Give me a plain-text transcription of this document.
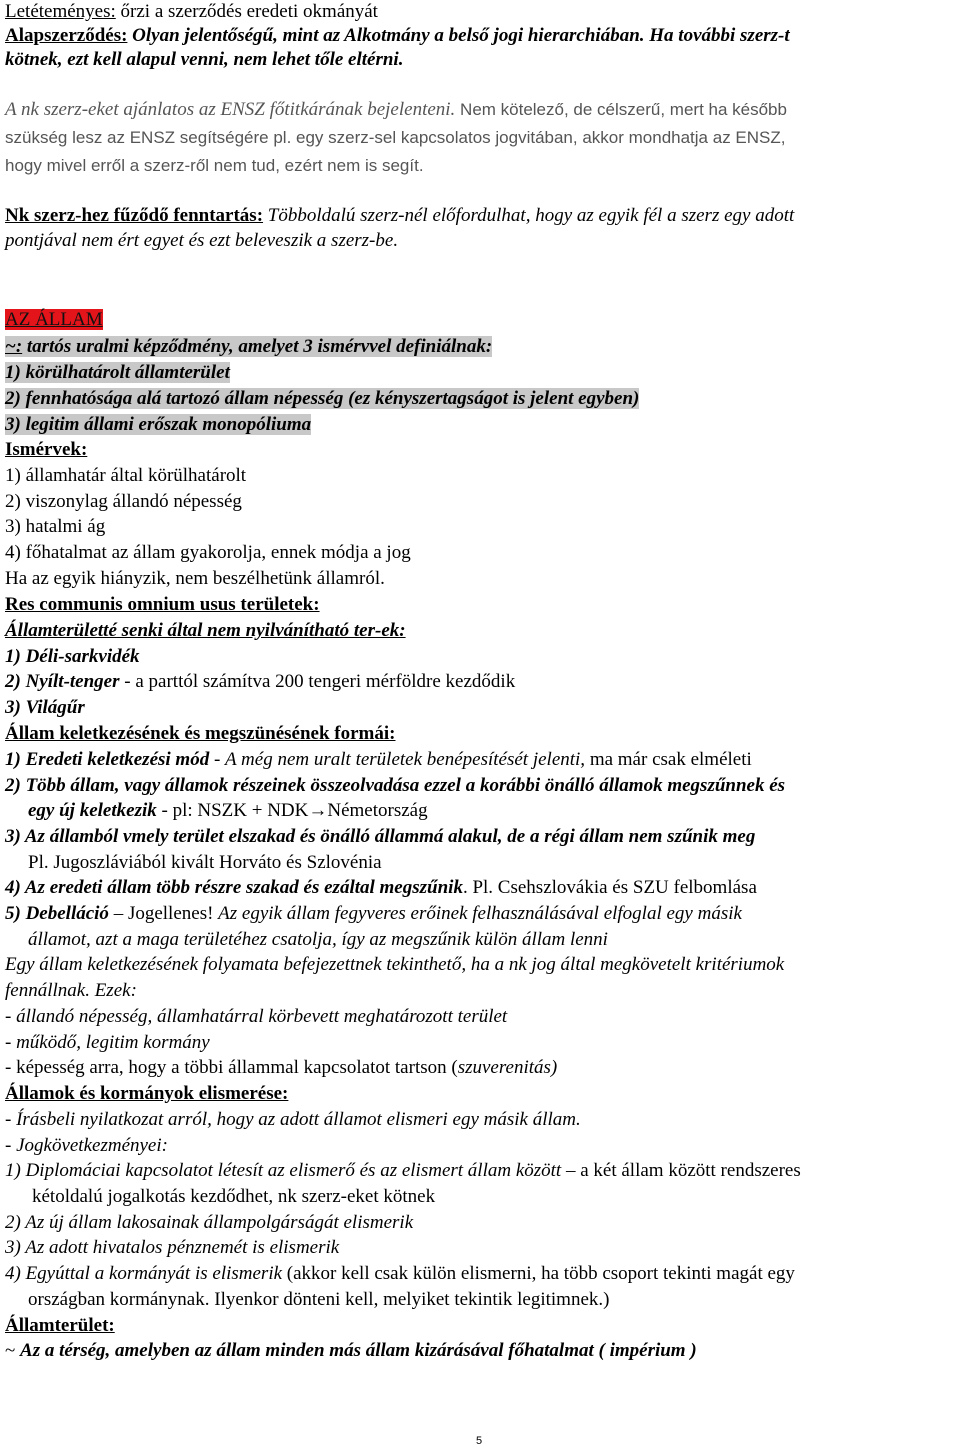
Letéteményes: őrzi a szerződés eredeti okmányát
Alapszerződés: Olyan jelentőségű, mint az Alkotmány a belső jogi hierarchiában. Ha további szerz-t
kötnek, ezt kell alapul venni, nem lehet tőle eltérni.
A nk szerz-eket ajánlatos az ENSZ főtitkárának bejelenteni. Nem kötelező, de célszerű, mert ha később
szükség lesz az ENSZ segítségére pl. egy szerz-sel kapcsolatos jogvitában, akkor mondhatja az ENSZ,
hogy mivel erről a szerz-ről nem tud, ezért nem is segít.
Nk szerz-hez fűződő fenntartás: Többoldalú szerz-nél előfordulhat, hogy az egyik fél a szerz egy adott
pontjával nem ért egyet és ezt beleveszik a szerz-be.
AZ ÁLLAM
~: tartós uralmi képződmény, amelyet 3 ismérvvel definiálnak:
1) körülhatárolt államterület
2) fennhatósága alá tartozó állam népesség (ez kényszertagságot is jelent egyben)
3) legitim állami erőszak monopóliuma
Ismérvek:
1) államhatár által körülhatárolt
2) viszonylag állandó népesség
3) hatalmi ág
4) főhatalmat az állam gyakorolja, ennek módja a jog
Ha az egyik hiányzik, nem beszélhetünk államról.
Res communis omnium usus területek:
Államterületté senki által nem nyilvánítható ter-ek:
1) Déli-sarkvidék
2) Nyílt-tenger - a parttól számítva 200 tengeri mérföldre kezdődik
3) Világűr
Állam keletkezésének és megszünésének formái:
1) Eredeti keletkezési mód - A még nem uralt területek benépesítését jelenti, ma már csak elméleti
2) Több állam, vagy államok részeinek összeolvadása ezzel a korábbi önálló államok megszűnnek és
egy új keletkezik - pl: NSZK + NDK→Németország
3) Az államból vmely terület elszakad és önálló állammá alakul, de a régi állam nem szűnik meg
Pl. Jugoszláviából kivált Horváto és Szlovénia
4) Az eredeti állam több részre szakad és ezáltal megszűnik. Pl. Csehszlovákia és SZU felbomlása
5) Debelláció – Jogellenes! Az egyik állam fegyveres erőinek felhasználásával elfoglal egy másik
államot, azt a maga területéhez csatolja, így az megszűnik külön állam lenni
Egy állam keletkezésének folyamata befejezettnek tekinthető, ha a nk jog által megkövetelt kritériumok
fennállnak. Ezek:
- állandó népesség, államhatárral körbevett meghatározott terület
- működő, legitim kormány
- képesség arra, hogy a többi állammal kapcsolatot tartson (szuverenitás)
Államok és kormányok elismerése:
- Írásbeli nyilatkozat arról, hogy az adott államot elismeri egy másik állam.
- Jogkövetkezményei:
1) Diplomáciai kapcsolatot létesít az elismerő és az elismert állam között – a két állam között rendszeres
kétoldalú jogalkotás kezdődhet, nk szerz-eket kötnek
2) Az új állam lakosainak állampolgárságát elismerik
3) Az adott hivatalos pénznemét is elismerik
4) Egyúttal a kormányát is elismerik (akkor kell csak külön elismerni, ha több csoport tekinti magát egy
országban kormánynak. Ilyenkor dönteni kell, melyiket tekintik legitimnek.)
Államterület:
~ Az a térség, amelyben az állam minden más állam kizárásával főhatalmat ( impérium )
5
